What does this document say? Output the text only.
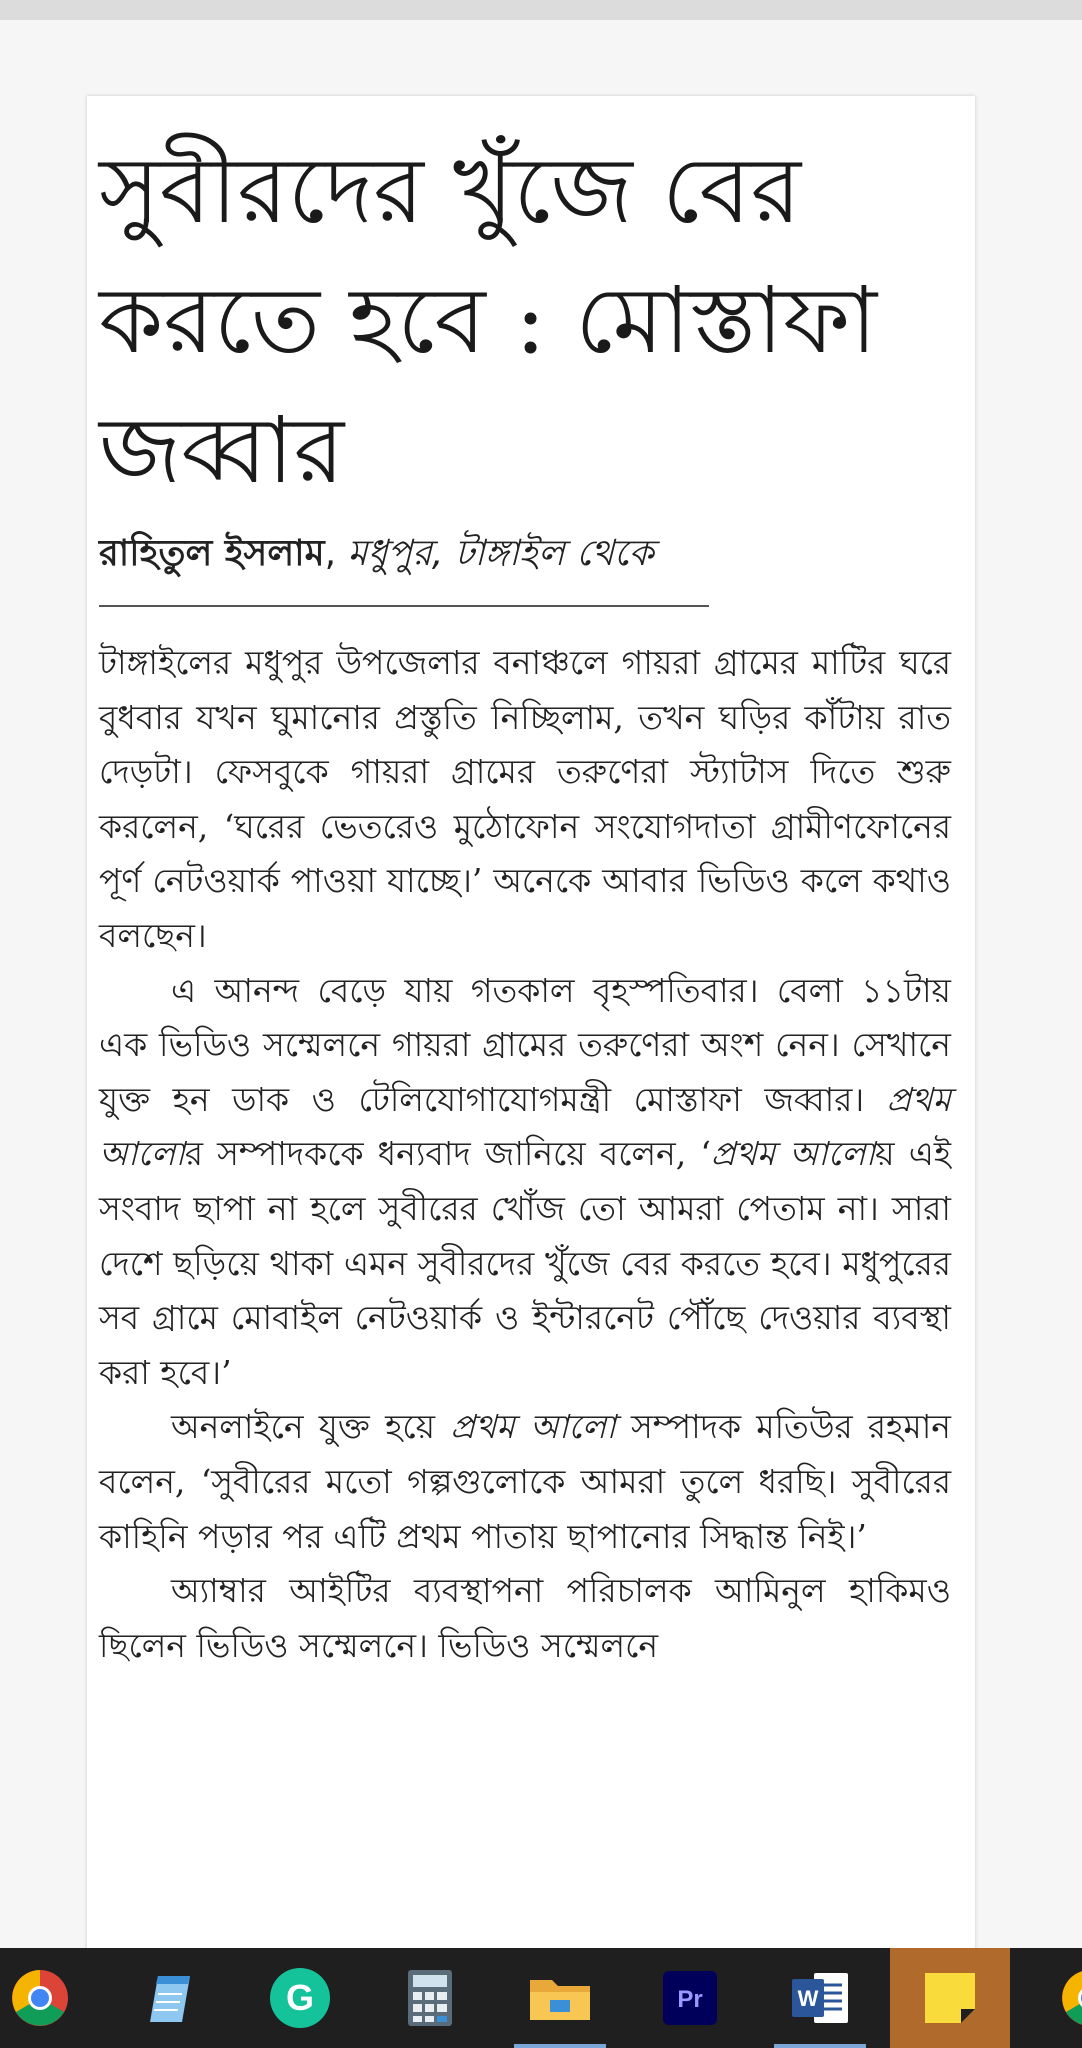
সুবীরদের খুঁজে বের করতে হবে : মোস্তাফা জব্বার
রাহিতুল ইসলাম, মধুপুর, টাঙ্গাইল থেকে

টাঙ্গাইলের মধুপুর উপজেলার বনাঞ্চলে গায়রা গ্রামের মাটির ঘরে বুধবার যখন ঘুমানোর প্রস্তুতি নিচ্ছিলাম, তখন ঘড়ির কাঁটায় রাত দেড়টা। ফেসবুকে গায়রা গ্রামের তরুণেরা স্ট্যাটাস দিতে শুরু করলেন, ‘ঘরের ভেতরেও মুঠোফোন সংযোগদাতা গ্রামীণফোনের পূর্ণ নেটওয়ার্ক পাওয়া যাচ্ছে।’ অনেকে আবার ভিডিও কলে কথাও বলছেন।

এ আনন্দ বেড়ে যায় গতকাল বৃহস্পতিবার। বেলা ১১টায় এক ভিডিও সম্মেলনে গায়রা গ্রামের তরুণেরা অংশ নেন। সেখানে যুক্ত হন ডাক ও টেলিযোগাযোগমন্ত্রী মোস্তাফা জব্বার। প্রথম আলোর সম্পাদককে ধন্যবাদ জানিয়ে বলেন, ‘প্রথম আলোয় এই সংবাদ ছাপা না হলে সুবীরের খোঁজ তো আমরা পেতাম না। সারা দেশে ছড়িয়ে থাকা এমন সুবীরদের খুঁজে বের করতে হবে। মধুপুরের সব গ্রামে মোবাইল নেটওয়ার্ক ও ইন্টারনেট পৌঁছে দেওয়ার ব্যবস্থা করা হবে।’

অনলাইনে যুক্ত হয়ে প্রথম আলো সম্পাদক মতিউর রহমান বলেন, ‘সুবীরের মতো গল্পগুলোকে আমরা তুলে ধরছি। সুবীরের কাহিনি পড়ার পর এটি প্রথম পাতায় ছাপানোর সিদ্ধান্ত নিই।’

অ্যাম্বার আইটির ব্যবস্থাপনা পরিচালক আমিনুল হাকিমও ছিলেন ভিডিও সম্মেলনে। ভিডিও সম্মেলনে

G	Pr	W
